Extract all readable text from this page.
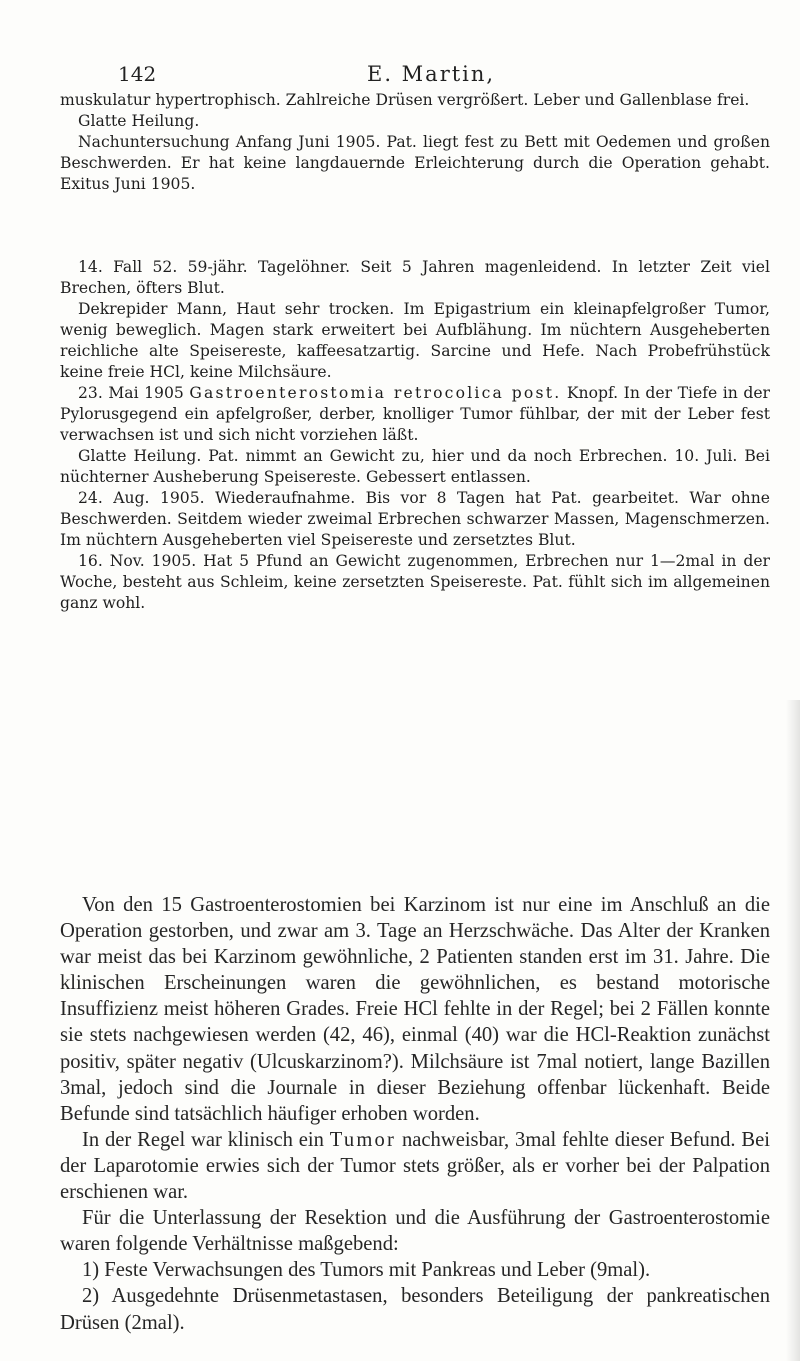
142	E. Martin,

muskulatur hypertrophisch. Zahlreiche Drüsen vergrößert. Leber und Gallenblase frei.

Glatte Heilung.

Nachuntersuchung Anfang Juni 1905. Pat. liegt fest zu Bett mit Oedemen und großen Beschwerden. Er hat keine langdauernde Erleichterung durch die Operation gehabt. Exitus Juni 1905.

14. Fall 52. 59-jähr. Tagelöhner. Seit 5 Jahren magenleidend. In letzter Zeit viel Brechen, öfters Blut.

Dekrepider Mann, Haut sehr trocken. Im Epigastrium ein kleinapfelgroßer Tumor, wenig beweglich. Magen stark erweitert bei Aufblähung. Im nüchtern Ausgeheberten reichliche alte Speisereste, kaffeesatzartig. Sarcine und Hefe. Nach Probefrühstück keine freie HCl, keine Milchsäure.

23. Mai 1905 Gastroenterostomia retrocolica post. Knopf. In der Tiefe in der Pylorusgegend ein apfelgroßer, derber, knolliger Tumor fühlbar, der mit der Leber fest verwachsen ist und sich nicht vorziehen läßt.

Glatte Heilung. Pat. nimmt an Gewicht zu, hier und da noch Erbrechen. 10. Juli. Bei nüchterner Ausheberung Speisereste. Gebessert entlassen.

24. Aug. 1905. Wiederaufnahme. Bis vor 8 Tagen hat Pat. gearbeitet. War ohne Beschwerden. Seitdem wieder zweimal Erbrechen schwarzer Massen, Magenschmerzen. Im nüchtern Ausgeheberten viel Speisereste und zersetztes Blut.

16. Nov. 1905. Hat 5 Pfund an Gewicht zugenommen, Erbrechen nur 1—2mal in der Woche, besteht aus Schleim, keine zersetzten Speisereste. Pat. fühlt sich im allgemeinen ganz wohl.

Von den 15 Gastroenterostomien bei Karzinom ist nur eine im Anschluß an die Operation gestorben, und zwar am 3. Tage an Herzschwäche. Das Alter der Kranken war meist das bei Karzinom gewöhnliche, 2 Patienten standen erst im 31. Jahre. Die klinischen Erscheinungen waren die gewöhnlichen, es bestand motorische Insuffizienz meist höheren Grades. Freie HCl fehlte in der Regel; bei 2 Fällen konnte sie stets nachgewiesen werden (42, 46), einmal (40) war die HCl-Reaktion zunächst positiv, später negativ (Ulcuskarzinom?). Milchsäure ist 7mal notiert, lange Bazillen 3mal, jedoch sind die Journale in dieser Beziehung offenbar lückenhaft. Beide Befunde sind tatsächlich häufiger erhoben worden.

In der Regel war klinisch ein Tumor nachweisbar, 3mal fehlte dieser Befund. Bei der Laparotomie erwies sich der Tumor stets größer, als er vorher bei der Palpation erschienen war.

Für die Unterlassung der Resektion und die Ausführung der Gastroenterostomie waren folgende Verhältnisse maßgebend:

1) Feste Verwachsungen des Tumors mit Pankreas und Leber (9mal).

2) Ausgedehnte Drüsenmetastasen, besonders Beteiligung der pankreatischen Drüsen (2mal).
